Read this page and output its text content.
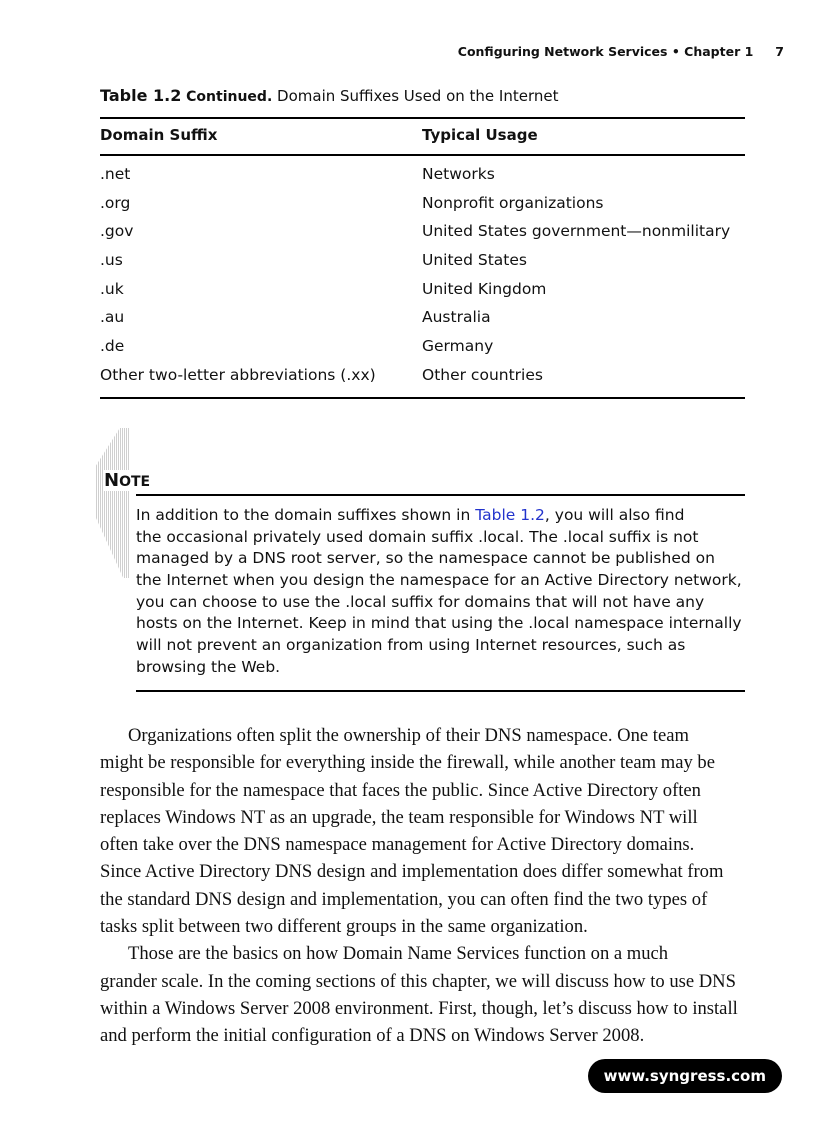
Configuring Network Services • Chapter 1 7
Table 1.2 Continued. Domain Suffixes Used on the Internet
Domain Suffix	Typical Usage
.net	Networks
.org	Nonprofit organizations
.gov	United States government—nonmilitary
.us	United States
.uk	United Kingdom
.au	Australia
.de	Germany
Other two-letter abbreviations (.xx)	Other countries
NOTE
In addition to the domain suffixes shown in Table 1.2, you will also find
the occasional privately used domain suffix .local. The .local suffix is not
managed by a DNS root server, so the namespace cannot be published on
the Internet when you design the namespace for an Active Directory network,
you can choose to use the .local suffix for domains that will not have any
hosts on the Internet. Keep in mind that using the .local namespace internally
will not prevent an organization from using Internet resources, such as
browsing the Web.
Organizations often split the ownership of their DNS namespace. One team
might be responsible for everything inside the firewall, while another team may be
responsible for the namespace that faces the public. Since Active Directory often
replaces Windows NT as an upgrade, the team responsible for Windows NT will
often take over the DNS namespace management for Active Directory domains.
Since Active Directory DNS design and implementation does differ somewhat from
the standard DNS design and implementation, you can often find the two types of
tasks split between two different groups in the same organization.
Those are the basics on how Domain Name Services function on a much
grander scale. In the coming sections of this chapter, we will discuss how to use DNS
within a Windows Server 2008 environment. First, though, let’s discuss how to install
and perform the initial configuration of a DNS on Windows Server 2008.
www.syngress.com
